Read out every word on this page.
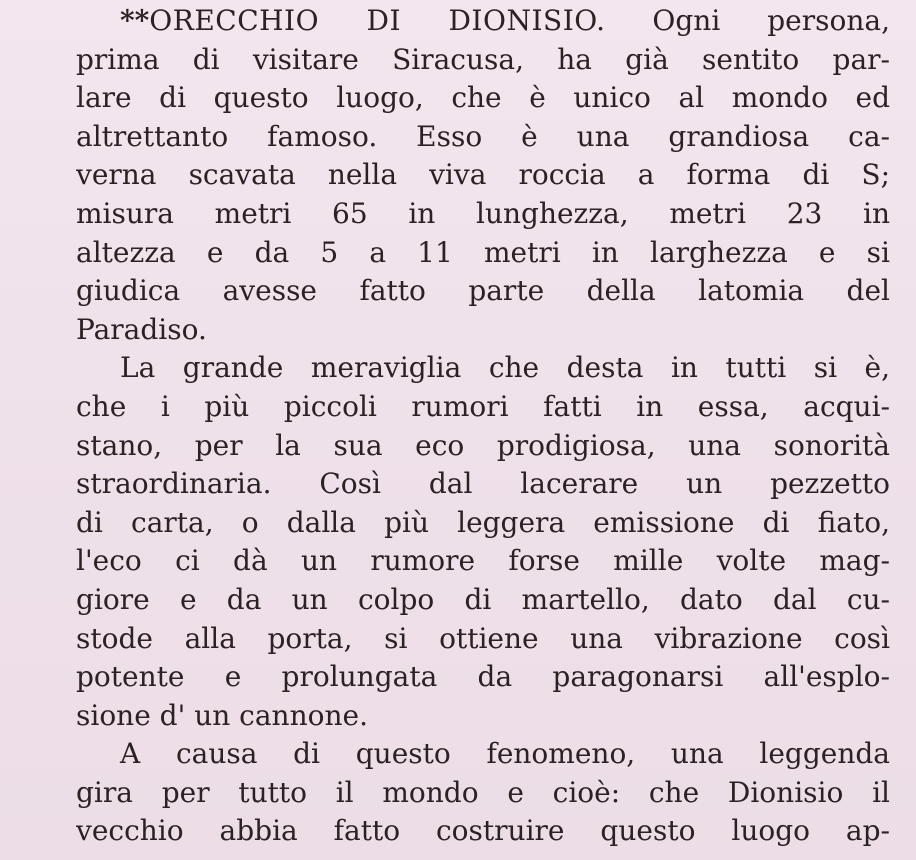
**ORECCHIO DI DIONISIO. Ogni persona,
prima di visitare Siracusa, ha già sentito par-
lare di questo luogo, che è unico al mondo ed
altrettanto famoso. Esso è una grandiosa ca-
verna scavata nella viva roccia a forma di S;
misura metri 65 in lunghezza, metri 23 in
altezza e da 5 a 11 metri in larghezza e si
giudica avesse fatto parte della latomia del
Paradiso.
La grande meraviglia che desta in tutti si è,
che i più piccoli rumori fatti in essa, acqui-
stano, per la sua eco prodigiosa, una sonorità
straordinaria. Così dal lacerare un pezzetto
di carta, o dalla più leggera emissione di fiato,
l'eco ci dà un rumore forse mille volte mag-
giore e da un colpo di martello, dato dal cu-
stode alla porta, si ottiene una vibrazione così
potente e prolungata da paragonarsi all'esplo-
sione d' un cannone.
A causa di questo fenomeno, una leggenda
gira per tutto il mondo e cioè: che Dionisio il
vecchio abbia fatto costruire questo luogo ap-
